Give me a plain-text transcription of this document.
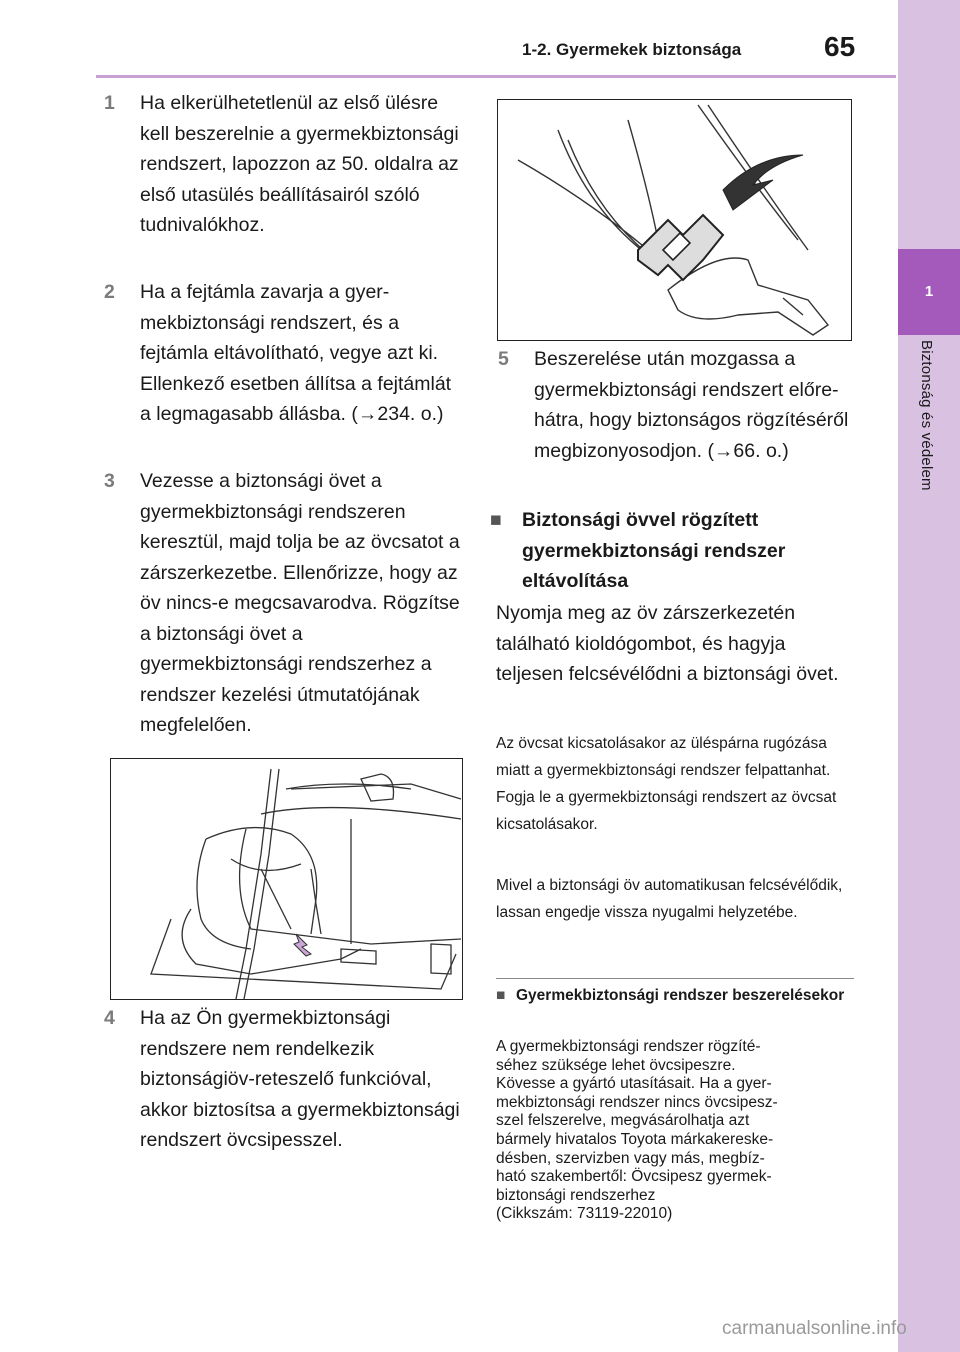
1-2. Gyermekek biztonsága	65
1
Biztonság és védelem
1	Ha elkerülhetetlenül az első ülésre kell beszerelnie a gyermekbiztonsági rendszert, lapozzon az 50. oldalra az első utasülés beállításairól szóló tudnivalókhoz.
2	Ha a fejtámla zavarja a gyermekbiztonsági rendszert, és a fejtámla eltávolítható, vegye azt ki. Ellenkező esetben állítsa a fejtámlát a legmagasabb állásba. (→234. o.)
3	Vezesse a biztonsági övet a gyermekbiztonsági rendszeren keresztül, majd tolja be az övcsatot a zárszerkezetbe. Ellenőrizze, hogy az öv nincs-e megcsavarodva. Rögzítse a biztonsági övet a gyermekbiztonsági rendszerhez a rendszer kezelési útmutatójának megfelelően.
4	Ha az Ön gyermekbiztonsági rendszere nem rendelkezik biztonságiöv-reteszelő funkcióval, akkor biztosítsa a gyermekbiztonsági rendszert övcsipesszel.
5	Beszerelése után mozgassa a gyermekbiztonsági rendszert előre-hátra, hogy biztonságos rögzítéséről megbizonyosodjon. (→66. o.)
■	Biztonsági övvel rögzített gyermekbiztonsági rendszer eltávolítása
Nyomja meg az öv zárszerkezetén található kioldógombot, és hagyja teljesen felcsévélődni a biztonsági övet.
Az övcsat kicsatolásakor az üléspárna rugózása miatt a gyermekbiztonsági rendszer felpattanhat. Fogja le a gyermekbiztonsági rendszert az övcsat kicsatolásakor.
Mivel a biztonsági öv automatikusan felcsévélődik, lassan engedje vissza nyugalmi helyzetébe.
■ Gyermekbiztonsági rendszer beszerelésekor
A gyermekbiztonsági rendszer rögzíté-
séhez szüksége lehet övcsipeszre.
Kövesse a gyártó utasításait. Ha a gyer-
mekbiztonsági rendszer nincs övcsipesz-
szel felszerelve, megvásárolhatja azt
bármely hivatalos Toyota márkakereske-
désben, szervizben vagy más, megbíz-
ható szakembertől: Övcsipesz gyermek-
biztonsági rendszerhez
(Cikkszám: 73119-22010)
carmanualsonline.info
